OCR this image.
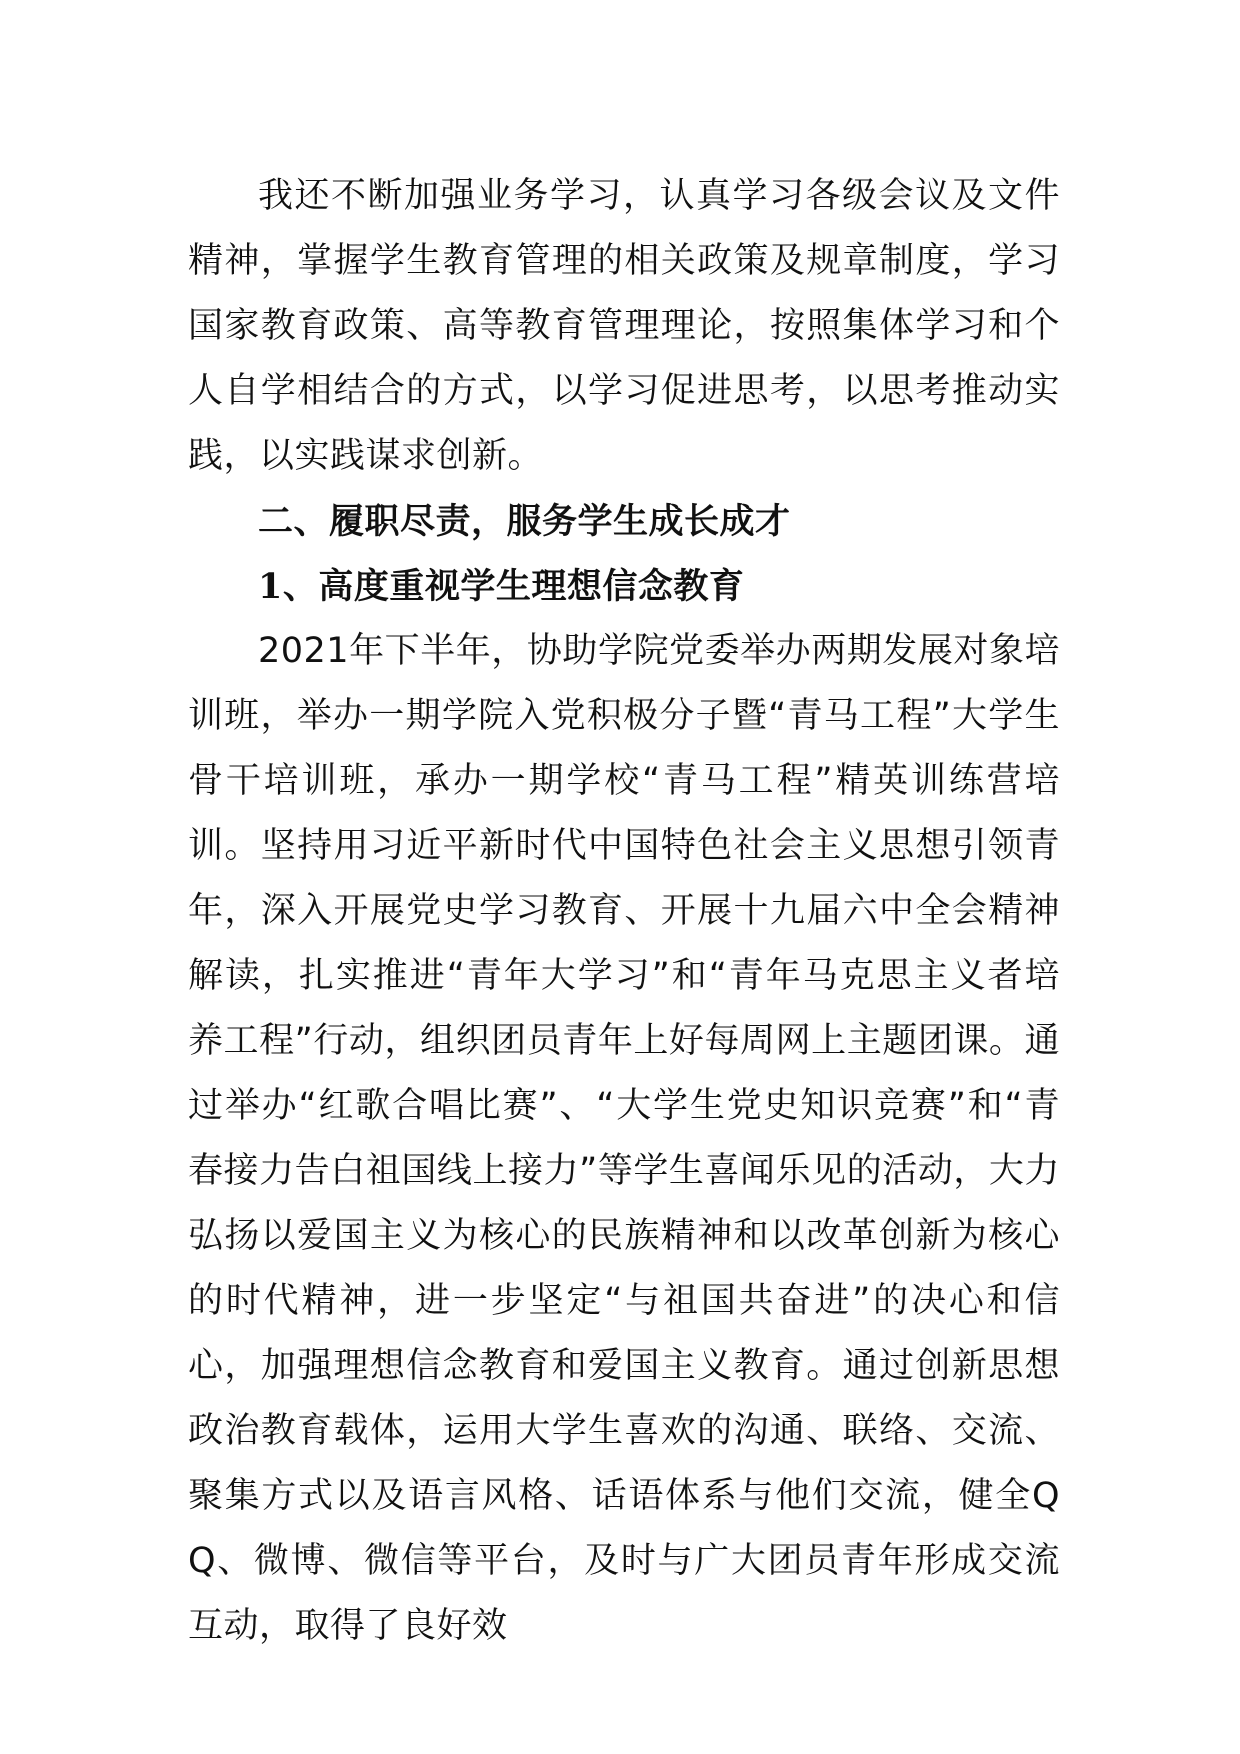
我还不断加强业务学习，认真学习各级会议及文件精神，掌握学生教育管理的相关政策及规章制度，学习国家教育政策、高等教育管理理论，按照集体学习和个人自学相结合的方式，以学习促进思考，以思考推动实践，以实践谋求创新。

二、履职尽责，服务学生成长成才

1、高度重视学生理想信念教育

2021年下半年，协助学院党委举办两期发展对象培训班，举办一期学院入党积极分子暨“青马工程”大学生骨干培训班，承办一期学校“青马工程”精英训练营培训。坚持用习近平新时代中国特色社会主义思想引领青年，深入开展党史学习教育、开展十九届六中全会精神解读，扎实推进“青年大学习”和“青年马克思主义者培养工程”行动，组织团员青年上好每周网上主题团课。通过举办“红歌合唱比赛”、“大学生党史知识竞赛”和“青春接力告白祖国线上接力”等学生喜闻乐见的活动，大力弘扬以爱国主义为核心的民族精神和以改革创新为核心的时代精神，进一步坚定“与祖国共奋进”的决心和信心，加强理想信念教育和爱国主义教育。通过创新思想政治教育载体，运用大学生喜欢的沟通、联络、交流、聚集方式以及语言风格、话语体系与他们交流，健全QQ、微博、微信等平台，及时与广大团员青年形成交流互动，取得了良好效
